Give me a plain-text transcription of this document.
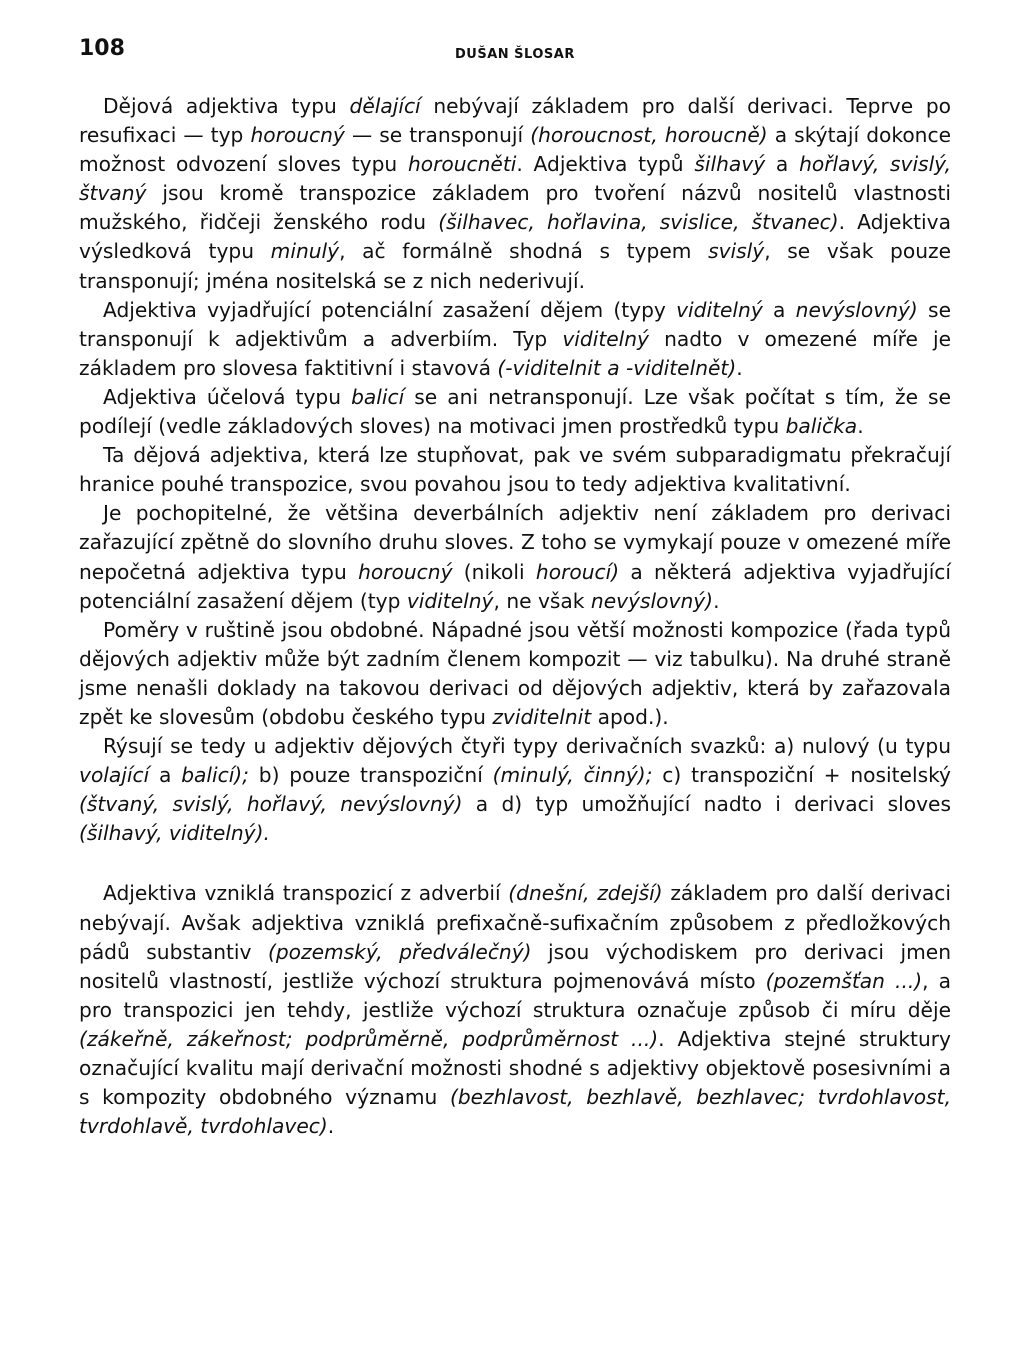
108	DUŠAN ŠLOSAR

Dějová adjektiva typu dělající nebývají základem pro další derivaci. Teprve po resufixaci — typ horoucný — se transponují (horoucnost, horoucně) a skýtají dokonce možnost odvození sloves typu horoucněti. Adjektiva typů šilhavý a hořlavý, svislý, štvaný jsou kromě transpozice základem pro tvoření názvů nositelů vlastnosti mužského, řidčeji ženského rodu (šilhavec, hořlavina, svislice, štvanec). Adjektiva výsledková typu minulý, ač formálně shodná s typem svislý, se však pouze transponují; jména nositelská se z nich nederivují.

Adjektiva vyjadřující potenciální zasažení dějem (typy viditelný a nevýslovný) se transponují k adjektivům a adverbiím. Typ viditelný nadto v omezené míře je základem pro slovesa faktitivní i stavová (-viditelnit a -viditelnět).

Adjektiva účelová typu balicí se ani netransponují. Lze však počítat s tím, že se podílejí (vedle základových sloves) na motivaci jmen prostředků typu balička.

Ta dějová adjektiva, která lze stupňovat, pak ve svém subparadigmatu překračují hranice pouhé transpozice, svou povahou jsou to tedy adjektiva kvalitativní.

Je pochopitelné, že většina deverbálních adjektiv není základem pro derivaci zařazující zpětně do slovního druhu sloves. Z toho se vymykají pouze v omezené míře nepočetná adjektiva typu horoucný (nikoli horoucí) a některá adjektiva vyjadřující potenciální zasažení dějem (typ viditelný, ne však nevýslovný).

Poměry v ruštině jsou obdobné. Nápadné jsou větší možnosti kompozice (řada typů dějových adjektiv může být zadním členem kompozit — viz tabulku). Na druhé straně jsme nenašli doklady na takovou derivaci od dějových adjektiv, která by zařazovala zpět ke slovesům (obdobu českého typu zviditelnit apod.).

Rýsují se tedy u adjektiv dějových čtyři typy derivačních svazků: a) nulový (u typu volající a balicí); b) pouze transpoziční (minulý, činný); c) transpoziční + nositelský (štvaný, svislý, hořlavý, nevýslovný) a d) typ umožňující nadto i derivaci sloves (šilhavý, viditelný).

Adjektiva vzniklá transpozicí z adverbií (dnešní, zdejší) základem pro další derivaci nebývají. Avšak adjektiva vzniklá prefixačně-sufixačním způsobem z předložkových pádů substantiv (pozemský, předválečný) jsou východiskem pro derivaci jmen nositelů vlastností, jestliže výchozí struktura pojmenovává místo (pozemšťan ...), a pro transpozici jen tehdy, jestliže výchozí struktura označuje způsob či míru děje (zákeřně, zákeřnost; podprůměrně, podprůměrnost ...). Adjektiva stejné struktury označující kvalitu mají derivační možnosti shodné s adjektivy objektově posesivními a s kompozity obdobného významu (bezhlavost, bezhlavě, bezhlavec; tvrdohlavost, tvrdohlavě, tvrdohlavec).
